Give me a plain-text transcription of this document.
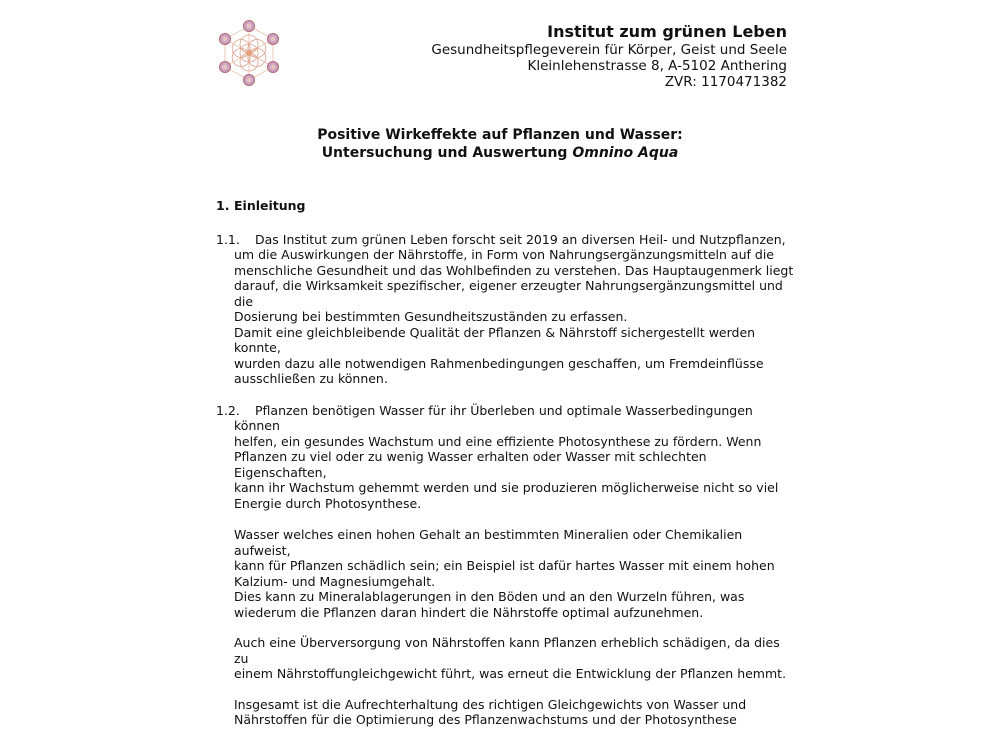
Institut zum grünen Leben
Gesundheitspflegeverein für Körper, Geist und Seele
Kleinlehenstrasse 8, A-5102 Anthering
ZVR: 1170471382
Positive Wirkeffekte auf Pflanzen und Wasser:
Untersuchung und Auswertung Omnino Aqua
1. Einleitung
1.1.	Das Institut zum grünen Leben forscht seit 2019 an diversen Heil- und Nutzpflanzen,
um die Auswirkungen der Nährstoffe, in Form von Nahrungsergänzungsmitteln auf die
menschliche Gesundheit und das Wohlbefinden zu verstehen. Das Hauptaugenmerk liegt
darauf, die Wirksamkeit spezifischer, eigener erzeugter Nahrungsergänzungsmittel und die
Dosierung bei bestimmten Gesundheitszuständen zu erfassen.
Damit eine gleichbleibende Qualität der Pflanzen & Nährstoff sichergestellt werden konnte,
wurden dazu alle notwendigen Rahmenbedingungen geschaffen, um Fremdeinflüsse
ausschließen zu können.
1.2.	Pflanzen benötigen Wasser für ihr Überleben und optimale Wasserbedingungen können
helfen, ein gesundes Wachstum und eine effiziente Photosynthese zu fördern. Wenn
Pflanzen zu viel oder zu wenig Wasser erhalten oder Wasser mit schlechten Eigenschaften,
kann ihr Wachstum gehemmt werden und sie produzieren möglicherweise nicht so viel
Energie durch Photosynthese.
Wasser welches einen hohen Gehalt an bestimmten Mineralien oder Chemikalien aufweist,
kann für Pflanzen schädlich sein; ein Beispiel ist dafür hartes Wasser mit einem hohen
Kalzium- und Magnesiumgehalt.
Dies kann zu Mineralablagerungen in den Böden und an den Wurzeln führen, was
wiederum die Pflanzen daran hindert die Nährstoffe optimal aufzunehmen.
Auch eine Überversorgung von Nährstoffen kann Pflanzen erheblich schädigen, da dies zu
einem Nährstoffungleichgewicht führt, was erneut die Entwicklung der Pflanzen hemmt.
Insgesamt ist die Aufrechterhaltung des richtigen Gleichgewichts von Wasser und
Nährstoffen für die Optimierung des Pflanzenwachstums und der Photosynthese
